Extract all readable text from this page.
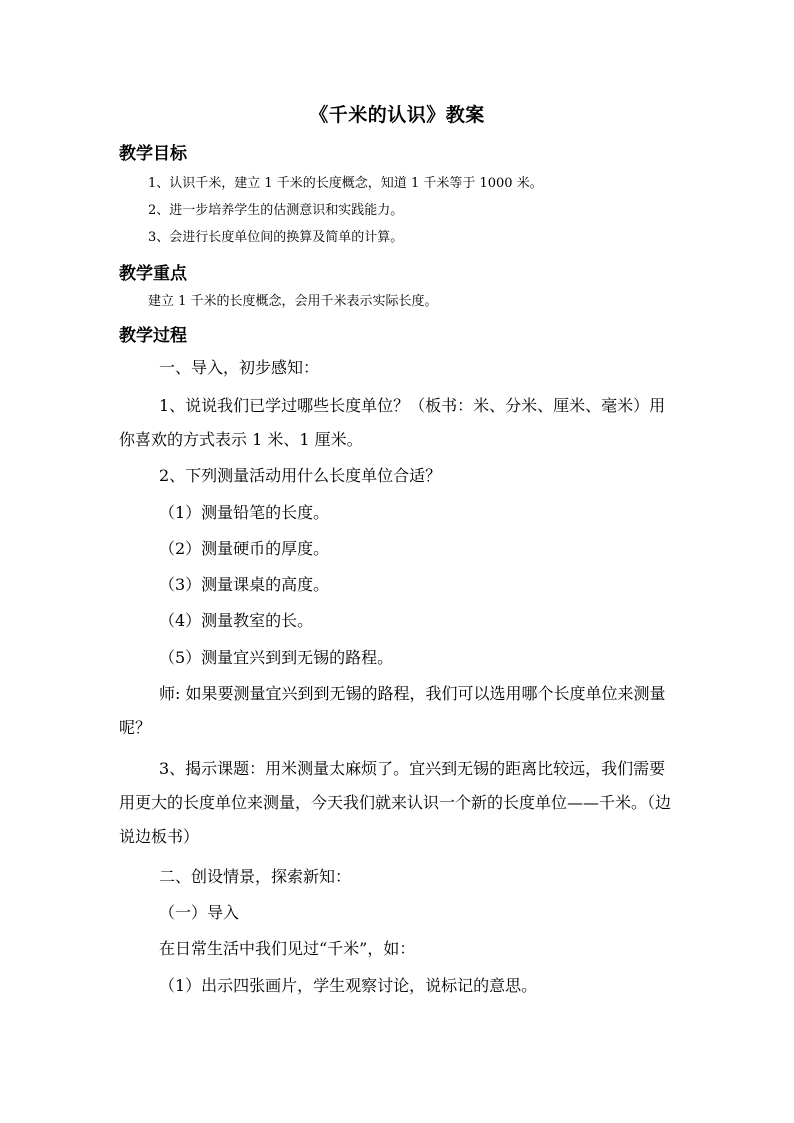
《千米的认识》教案
教学目标
1、认识千米，建立 1 千米的长度概念，知道 1 千米等于 1000 米。
2、进一步培养学生的估测意识和实践能力。
3、会进行长度单位间的换算及简单的计算。
教学重点
建立 1 千米的长度概念，会用千米表示实际长度。
教学过程
一、导入，初步感知：
1、说说我们已学过哪些长度单位？（板书：米、分米、厘米、毫米）用你喜欢的方式表示 1 米、1 厘米。
2、下列测量活动用什么长度单位合适？
（1）测量铅笔的长度。
（2）测量硬币的厚度。
（3）测量课桌的高度。
（4）测量教室的长。
（5）测量宜兴到到无锡的路程。
师: 如果要测量宜兴到到无锡的路程，我们可以选用哪个长度单位来测量呢？
3、揭示课题：用米测量太麻烦了。宜兴到无锡的距离比较远，我们需要用更大的长度单位来测量，今天我们就来认识一个新的长度单位——千米。（边说边板书）
二、创设情景，探索新知：
（一）导入
在日常生活中我们见过“千米”，如：
（1）出示四张画片，学生观察讨论，说标记的意思。
